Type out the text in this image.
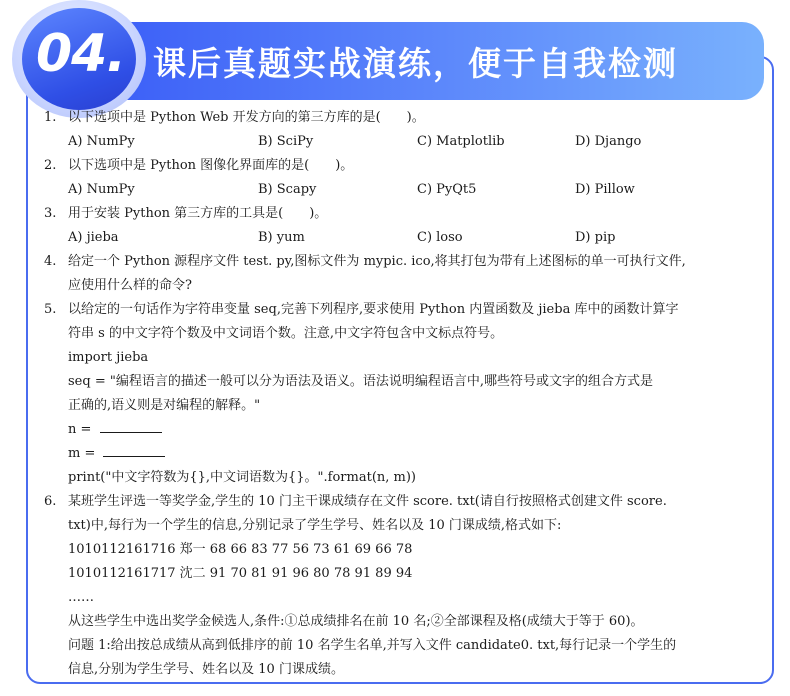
课后真题实战演练，便于自我检测
04.
1. 以下选项中是 Python Web 开发方向的第三方库的是(　　)。
A) NumPy	B) SciPy	C) Matplotlib	D) Django
2. 以下选项中是 Python 图像化界面库的是(　　)。
A) NumPy	B) Scapy	C) PyQt5	D) Pillow
3. 用于安装 Python 第三方库的工具是(　　)。
A) jieba	B) yum	C) loso	D) pip
4. 给定一个 Python 源程序文件 test. py,图标文件为 mypic. ico,将其打包为带有上述图标的单一可执行文件,
应使用什么样的命令?
5. 以给定的一句话作为字符串变量 seq,完善下列程序,要求使用 Python 内置函数及 jieba 库中的函数计算字
符串 s 的中文字符个数及中文词语个数。注意,中文字符包含中文标点符号。
import jieba
seq = "编程语言的描述一般可以分为语法及语义。语法说明编程语言中,哪些符号或文字的组合方式是
正确的,语义则是对编程的解释。"
n =
m =
print("中文字符数为{},中文词语数为{}。".format(n, m))
6. 某班学生评选一等奖学金,学生的 10 门主干课成绩存在文件 score. txt(请自行按照格式创建文件 score.
txt)中,每行为一个学生的信息,分别记录了学生学号、姓名以及 10 门课成绩,格式如下:
1010112161716 郑一 68 66 83 77 56 73 61 69 66 78
1010112161717 沈二 91 70 81 91 96 80 78 91 89 94
……
从这些学生中选出奖学金候选人,条件:①总成绩排名在前 10 名;②全部课程及格(成绩大于等于 60)。
问题 1:给出按总成绩从高到低排序的前 10 名学生名单,并写入文件 candidate0. txt,每行记录一个学生的
信息,分别为学生学号、姓名以及 10 门课成绩。
